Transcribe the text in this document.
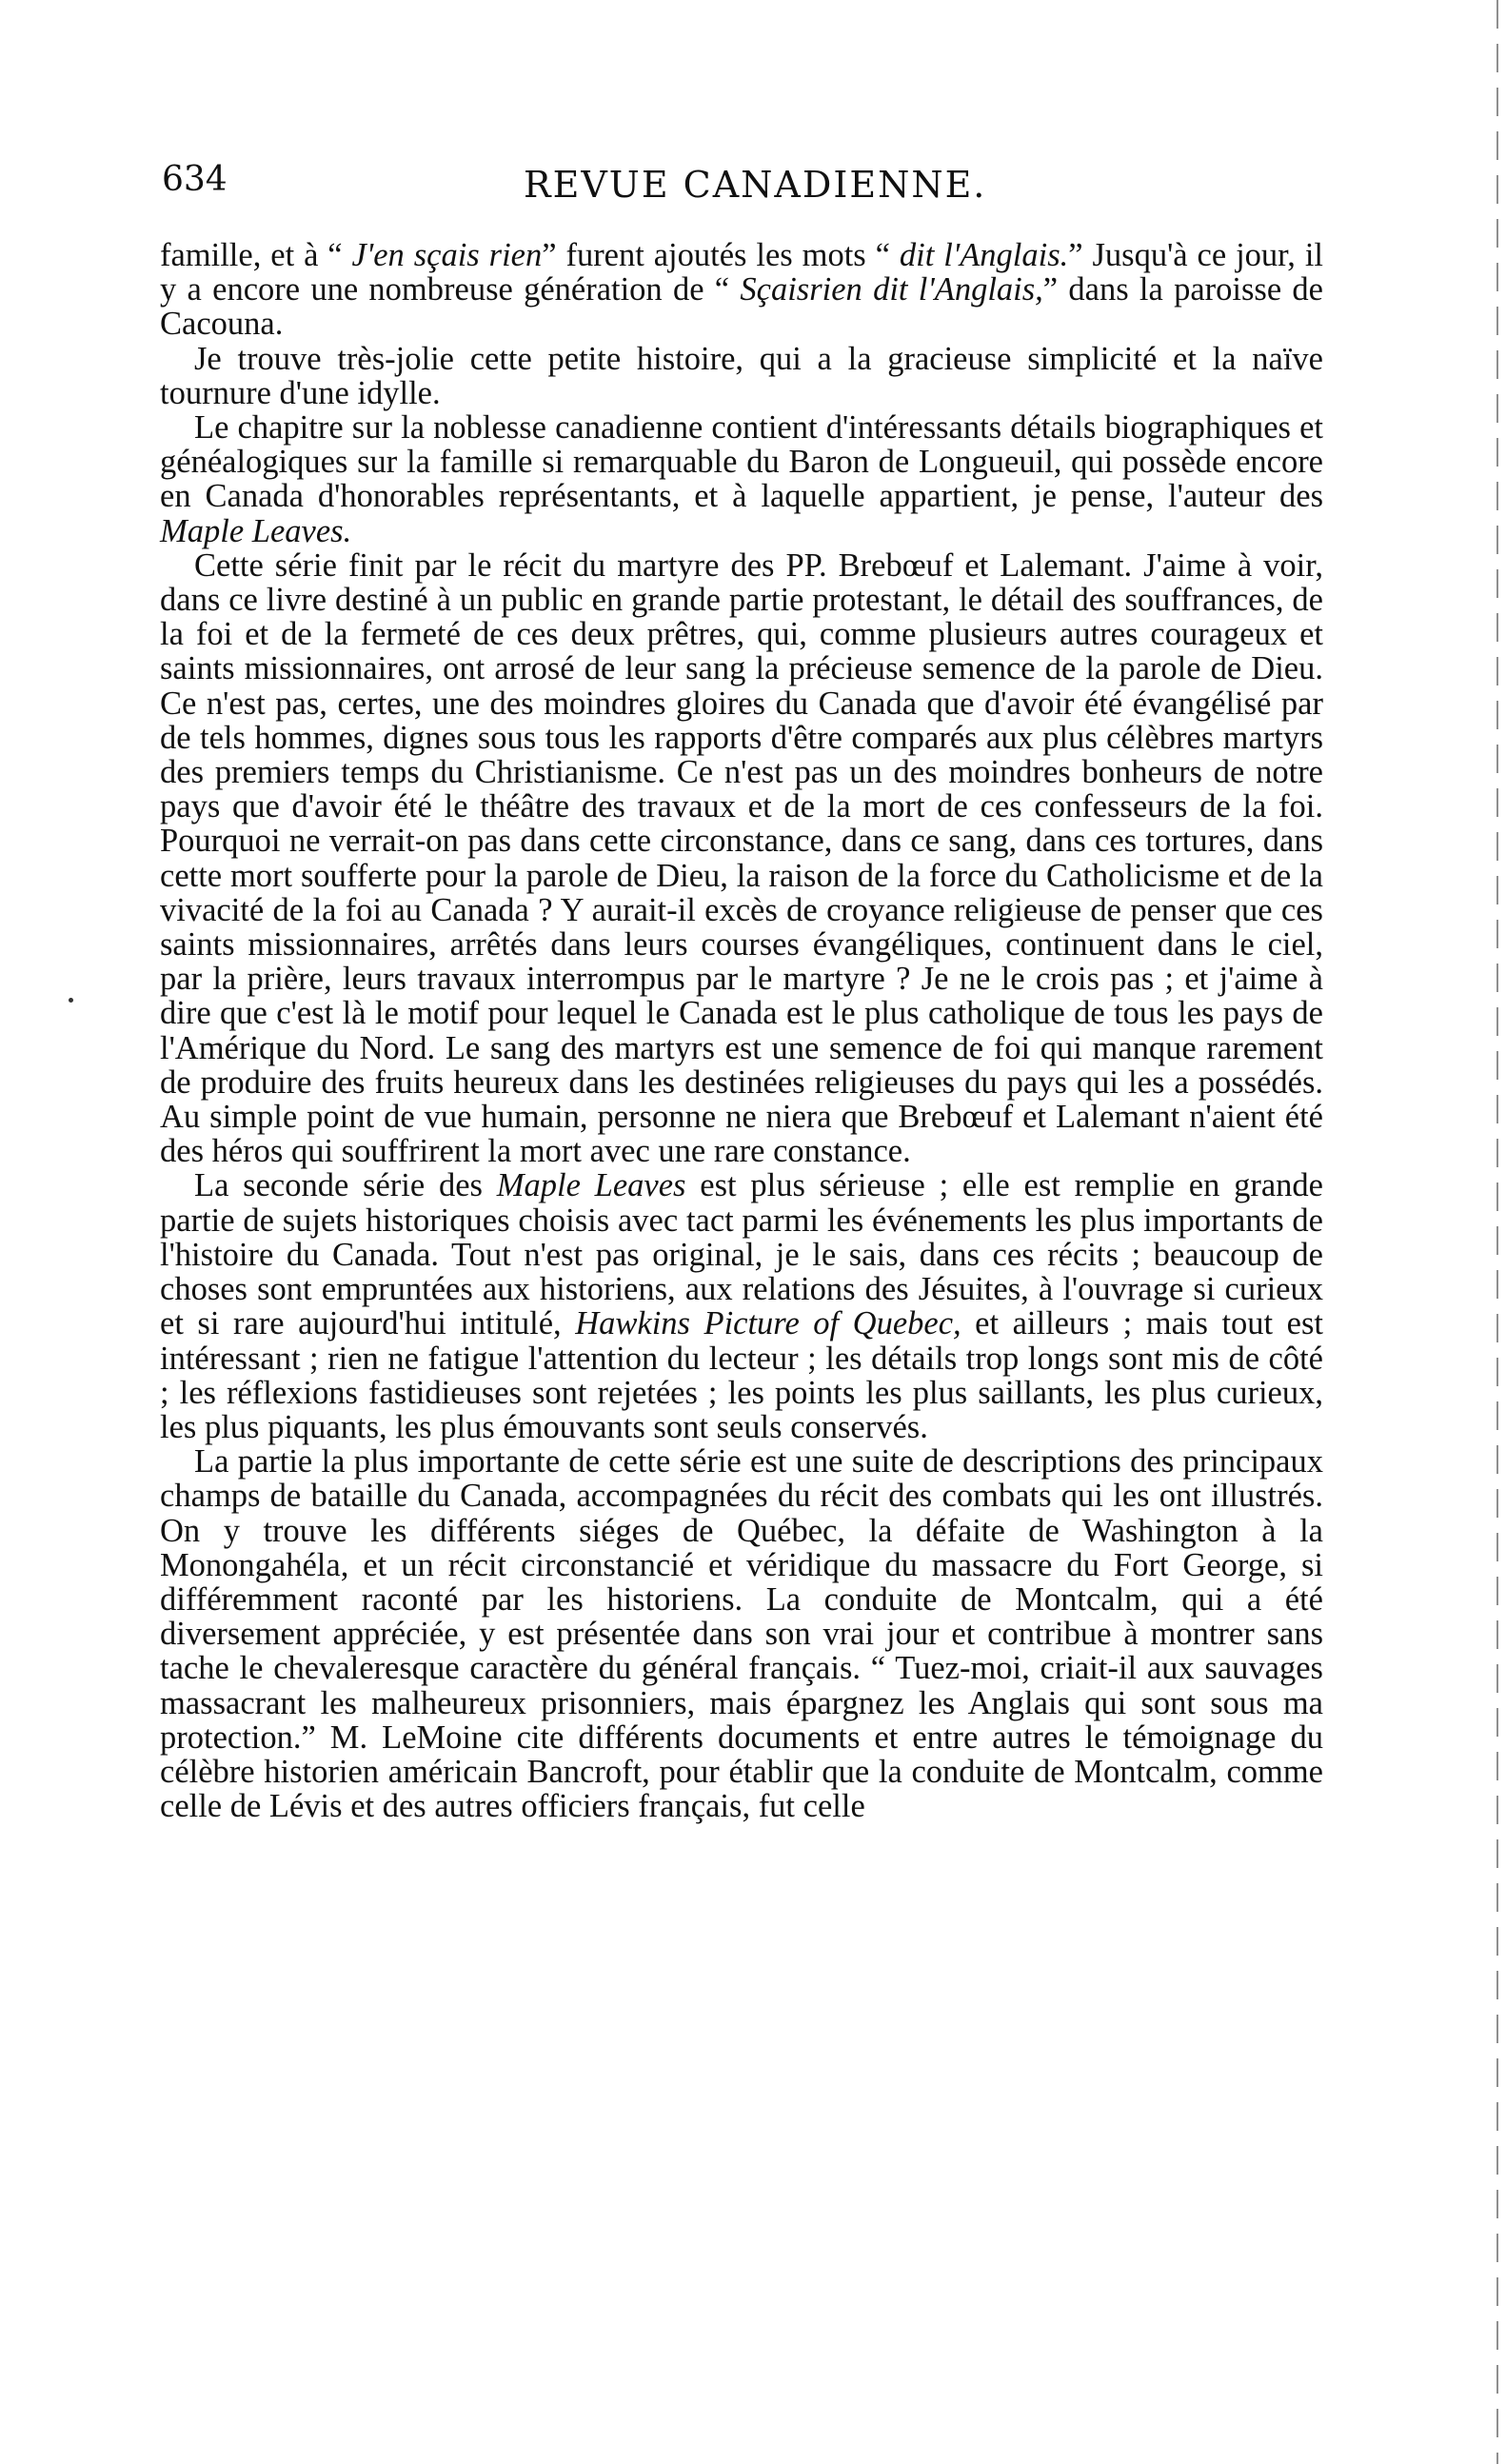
634	REVUE CANADIENNE.

famille, et à “ J'en sçais rien” furent ajoutés les mots “ dit l'Anglais.” Jusqu'à ce jour, il y a encore une nombreuse génération de “ Sçaisrien dit l'Anglais,” dans la paroisse de Cacouna.

Je trouve très-jolie cette petite histoire, qui a la gracieuse simplicité et la naïve tournure d'une idylle.

Le chapitre sur la noblesse canadienne contient d'intéressants détails biographiques et généalogiques sur la famille si remarquable du Baron de Longueuil, qui possède encore en Canada d'honorables représentants, et à laquelle appartient, je pense, l'auteur des Maple Leaves.

Cette série finit par le récit du martyre des PP. Brebœuf et Lalemant. J'aime à voir, dans ce livre destiné à un public en grande partie protestant, le détail des souffrances, de la foi et de la fermeté de ces deux prêtres, qui, comme plusieurs autres courageux et saints missionnaires, ont arrosé de leur sang la précieuse semence de la parole de Dieu. Ce n'est pas, certes, une des moindres gloires du Canada que d'avoir été évangélisé par de tels hommes, dignes sous tous les rapports d'être comparés aux plus célèbres martyrs des premiers temps du Christianisme. Ce n'est pas un des moindres bonheurs de notre pays que d'avoir été le théâtre des travaux et de la mort de ces confesseurs de la foi. Pourquoi ne verrait-on pas dans cette circonstance, dans ce sang, dans ces tortures, dans cette mort soufferte pour la parole de Dieu, la raison de la force du Catholicisme et de la vivacité de la foi au Canada ? Y aurait-il excès de croyance religieuse de penser que ces saints missionnaires, arrêtés dans leurs courses évangéliques, continuent dans le ciel, par la prière, leurs travaux interrompus par le martyre ? Je ne le crois pas ; et j'aime à dire que c'est là le motif pour lequel le Canada est le plus catholique de tous les pays de l'Amérique du Nord. Le sang des martyrs est une semence de foi qui manque rarement de produire des fruits heureux dans les destinées religieuses du pays qui les a possédés. Au simple point de vue humain, personne ne niera que Brebœuf et Lalemant n'aient été des héros qui souffrirent la mort avec une rare constance.

La seconde série des Maple Leaves est plus sérieuse ; elle est remplie en grande partie de sujets historiques choisis avec tact parmi les événements les plus importants de l'histoire du Canada. Tout n'est pas original, je le sais, dans ces récits ; beaucoup de choses sont empruntées aux historiens, aux relations des Jésuites, à l'ouvrage si curieux et si rare aujourd'hui intitulé, Hawkins Picture of Quebec, et ailleurs ; mais tout est intéressant ; rien ne fatigue l'attention du lecteur ; les détails trop longs sont mis de côté ; les réflexions fastidieuses sont rejetées ; les points les plus saillants, les plus curieux, les plus piquants, les plus émouvants sont seuls conservés.

La partie la plus importante de cette série est une suite de descriptions des principaux champs de bataille du Canada, accompagnées du récit des combats qui les ont illustrés. On y trouve les différents siéges de Québec, la défaite de Washington à la Monongahéla, et un récit circonstancié et véridique du massacre du Fort George, si différemment raconté par les historiens. La conduite de Montcalm, qui a été diversement appréciée, y est présentée dans son vrai jour et contribue à montrer sans tache le chevaleresque caractère du général français. “ Tuez-moi, criait-il aux sauvages massacrant les malheureux prisonniers, mais épargnez les Anglais qui sont sous ma protection.” M. LeMoine cite différents documents et entre autres le témoignage du célèbre historien américain Bancroft, pour établir que la conduite de Montcalm, comme celle de Lévis et des autres officiers français, fut celle
